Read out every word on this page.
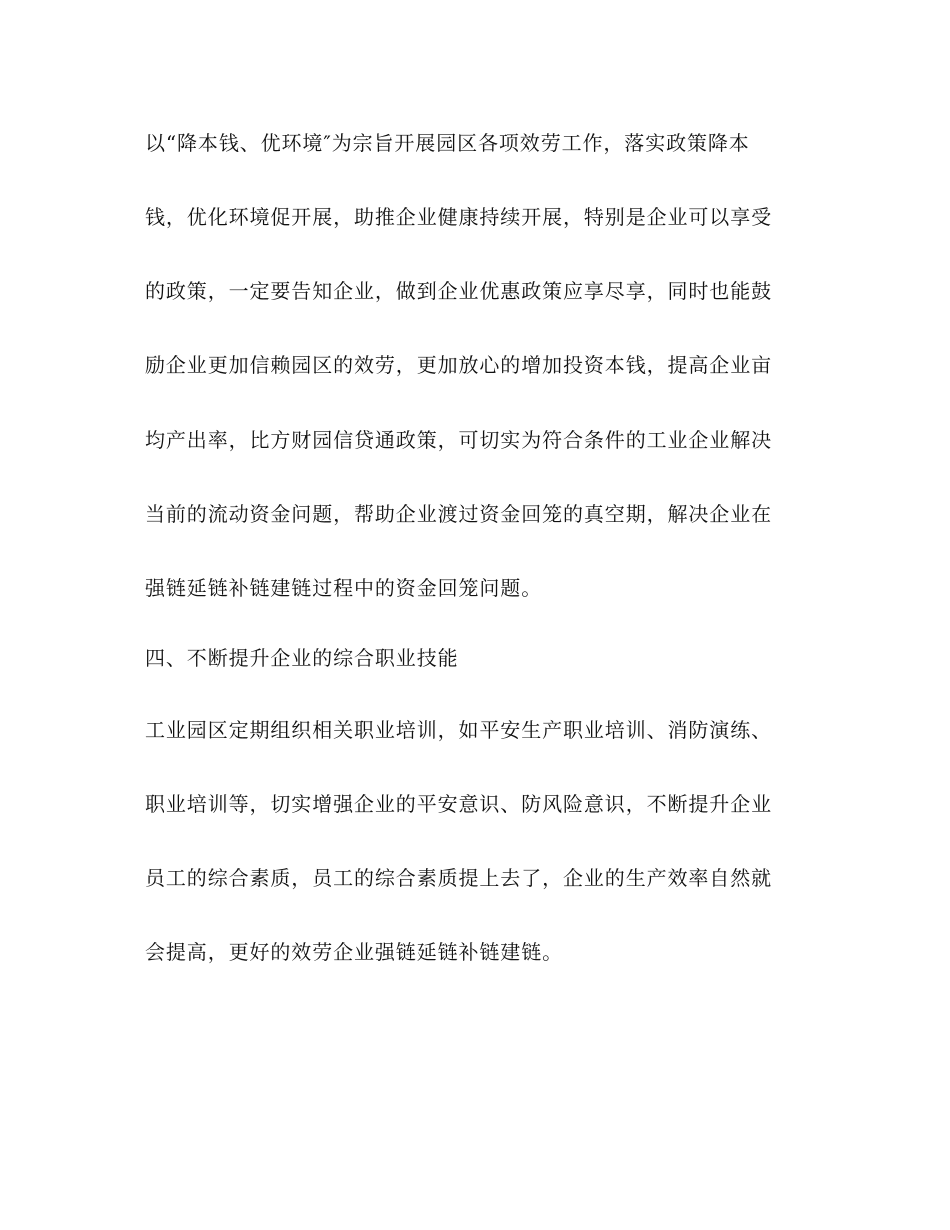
以“降本钱、优环境″为宗旨开展园区各项效劳工作，落实政策降本
钱，优化环境促开展，助推企业健康持续开展，特别是企业可以享受
的政策，一定要告知企业，做到企业优惠政策应享尽享，同时也能鼓
励企业更加信赖园区的效劳，更加放心的增加投资本钱，提高企业亩
均产出率，比方财园信贷通政策，可切实为符合条件的工业企业解决
当前的流动资金问题，帮助企业渡过资金回笼的真空期，解决企业在
强链延链补链建链过程中的资金回笼问题。
四、不断提升企业的综合职业技能
工业园区定期组织相关职业培训，如平安生产职业培训、消防演练、
职业培训等，切实增强企业的平安意识、防风险意识，不断提升企业
员工的综合素质，员工的综合素质提上去了，企业的生产效率自然就
会提高，更好的效劳企业强链延链补链建链。
